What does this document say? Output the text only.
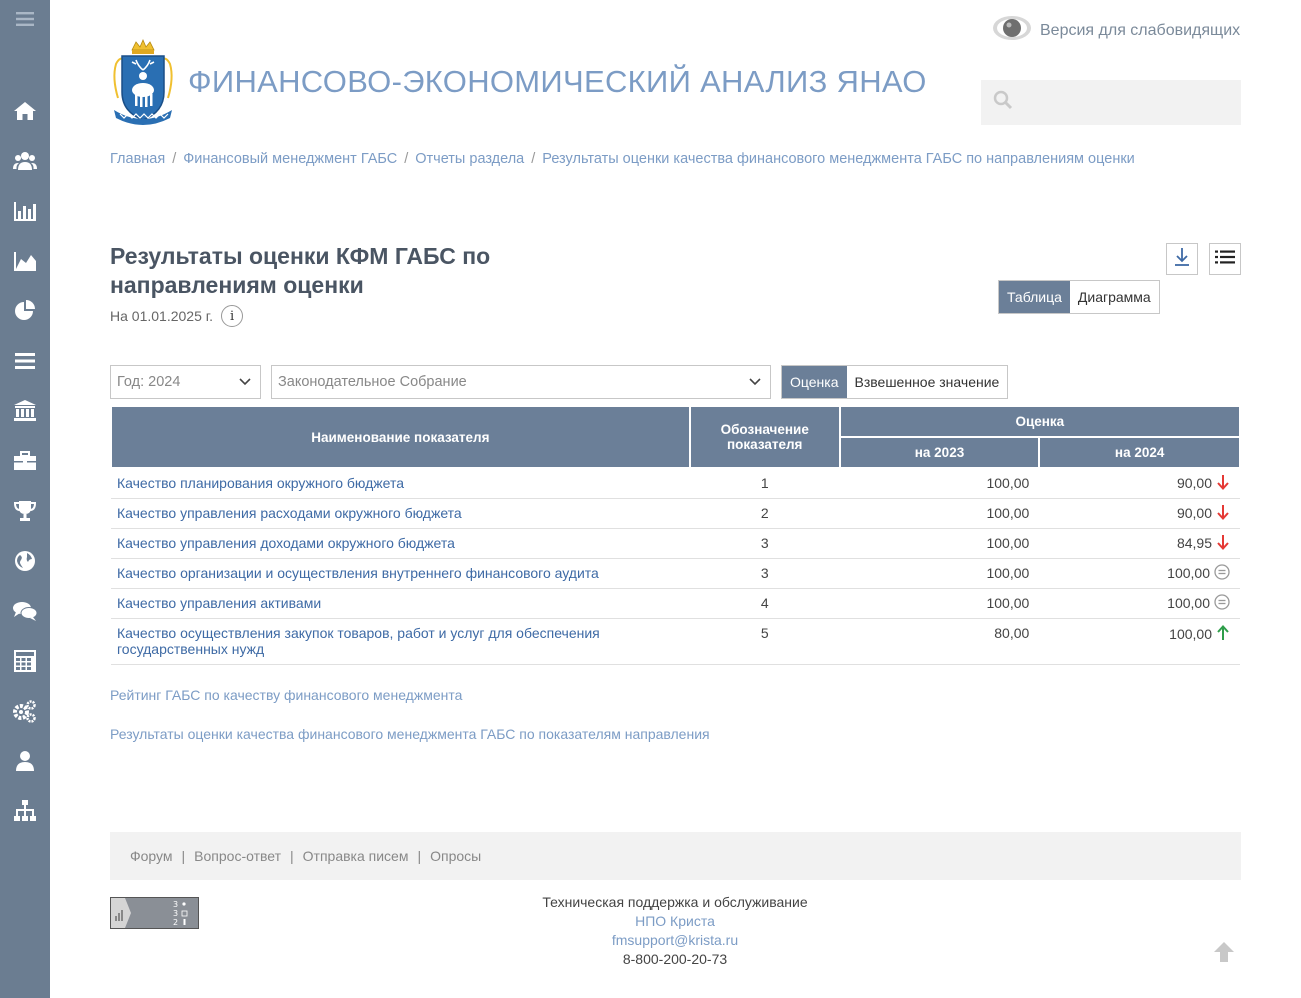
Версия для слабовидящих
ФИНАНСОВО-ЭКОНОМИЧЕСКИЙ АНАЛИЗ ЯНАО
Главная / Финансовый менеджмент ГАБС / Отчеты раздела / Результаты оценки качества финансового менеджмента ГАБС по направлениям оценки
Результаты оценки КФМ ГАБС по направлениям оценки
На 01.01.2025 г.	i
Таблица	Диаграмма
Год: 2024	Законодательное Собрание	Оценка	Взвешенное значение
Наименование показателя	Обозначение показателя	Оценка	
		на 2023	на 2024
Качество планирования окружного бюджета	1	100,00	90,00

Качество управления расходами окружного бюджета	2	100,00	90,00

Качество управления доходами окружного бюджета	3	100,00	84,95

Качество организации и осуществления внутреннего финансового аудита	3	100,00	100,00

Качество управления активами	4	100,00	100,00

Качество осуществления закупок товаров, работ и услуг для обеспечения государственных нужд	5	80,00	100,00
Рейтинг ГАБС по качеству финансового менеджмента
Результаты оценки качества финансового менеджмента ГАБС по показателям направления
Форум | Вопрос-ответ | Отправка писем | Опросы
3
3
2
Техническая поддержка и обслуживание
НПО Криста
fmsupport@krista.ru
8-800-200-20-73
